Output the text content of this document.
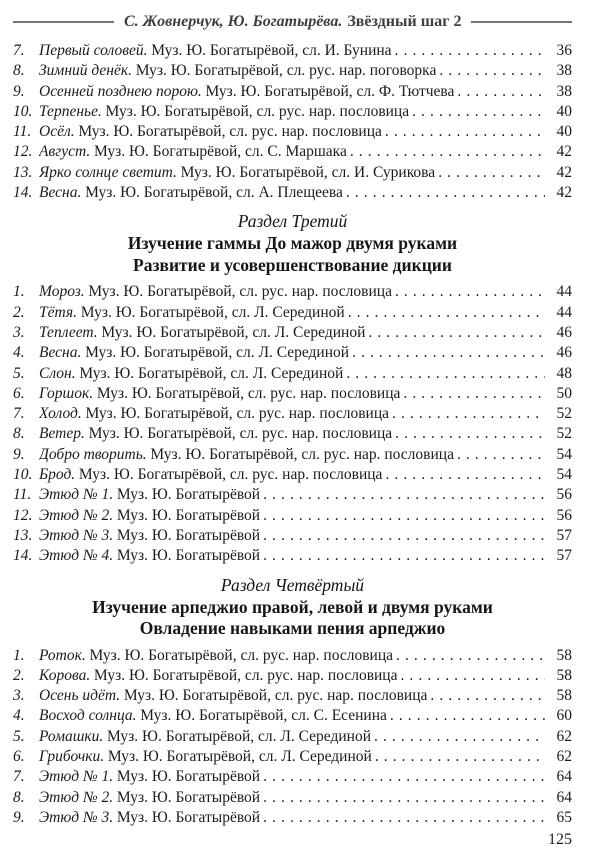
С. Жовнерчук, Ю. Богатырёва. Звёздный шаг 2
7. Первый соловей. Муз. Ю. Богатырёвой, сл. И. Бунина . . .	36
8. Зимний денёк. Муз. Ю. Богатырёвой, сл. рус. нар. поговорка . . .	38
9. Осенней позднею порою. Муз. Ю. Богатырёвой, сл. Ф. Тютчева . . .	38
10. Терпенье. Муз. Ю. Богатырёвой, сл. рус. нар. пословица . . .	40
11. Осёл. Муз. Ю. Богатырёвой, сл. рус. нар. пословица . . .	40
12. Август. Муз. Ю. Богатырёвой, сл. С. Маршака . . .	42
13. Ярко солнце светит. Муз. Ю. Богатырёвой, сл. И. Сурикова . . .	42
14. Весна. Муз. Ю. Богатырёвой, сл. А. Плещеева . . .	42
Раздел Третий
Изучение гаммы До мажор двумя руками
Развитие и усовершенствование дикции
1. Мороз. Муз. Ю. Богатырёвой, сл. рус. нар. пословица . . .	44
2. Тётя. Муз. Ю. Богатырёвой, сл. Л. Серединой . . .	44
3. Теплеет. Муз. Ю. Богатырёвой, сл. Л. Серединой . . .	46
4. Весна. Муз. Ю. Богатырёвой, сл. Л. Серединой . . .	46
5. Слон. Муз. Ю. Богатырёвой, сл. Л. Серединой . . .	48
6. Горшок. Муз. Ю. Богатырёвой, сл. рус. нар. пословица . . .	50
7. Холод. Муз. Ю. Богатырёвой, сл. рус. нар. пословица . . .	52
8. Ветер. Муз. Ю. Богатырёвой, сл. рус. нар. пословица . . .	52
9. Добро творить. Муз. Ю. Богатырёвой, сл. рус. нар. пословица . . .	54
10. Брод. Муз. Ю. Богатырёвой, сл. рус. нар. пословица . . .	54
11. Этюд № 1. Муз. Ю. Богатырёвой . . .	56
12. Этюд № 2. Муз. Ю. Богатырёвой . . .	56
13. Этюд № 3. Муз. Ю. Богатырёвой . . .	57
14. Этюд № 4. Муз. Ю. Богатырёвой . . .	57
Раздел Четвёртый
Изучение арпеджио правой, левой и двумя руками
Овладение навыками пения арпеджио
1. Роток. Муз. Ю. Богатырёвой, сл. рус. нар. пословица . . .	58
2. Корова. Муз. Ю. Богатырёвой, сл. рус. нар. пословица . . .	58
3. Осень идёт. Муз. Ю. Богатырёвой, сл. рус. нар. пословица . . .	58
4. Восход солнца. Муз. Ю. Богатырёвой, сл. С. Есенина . . .	60
5. Ромашки. Муз. Ю. Богатырёвой, сл. Л. Серединой . . .	62
6. Грибочки. Муз. Ю. Богатырёвой, сл. Л. Серединой . . .	62
7. Этюд № 1. Муз. Ю. Богатырёвой . . .	64
8. Этюд № 2. Муз. Ю. Богатырёвой . . .	64
9. Этюд № 3. Муз. Ю. Богатырёвой . . .	65
125
